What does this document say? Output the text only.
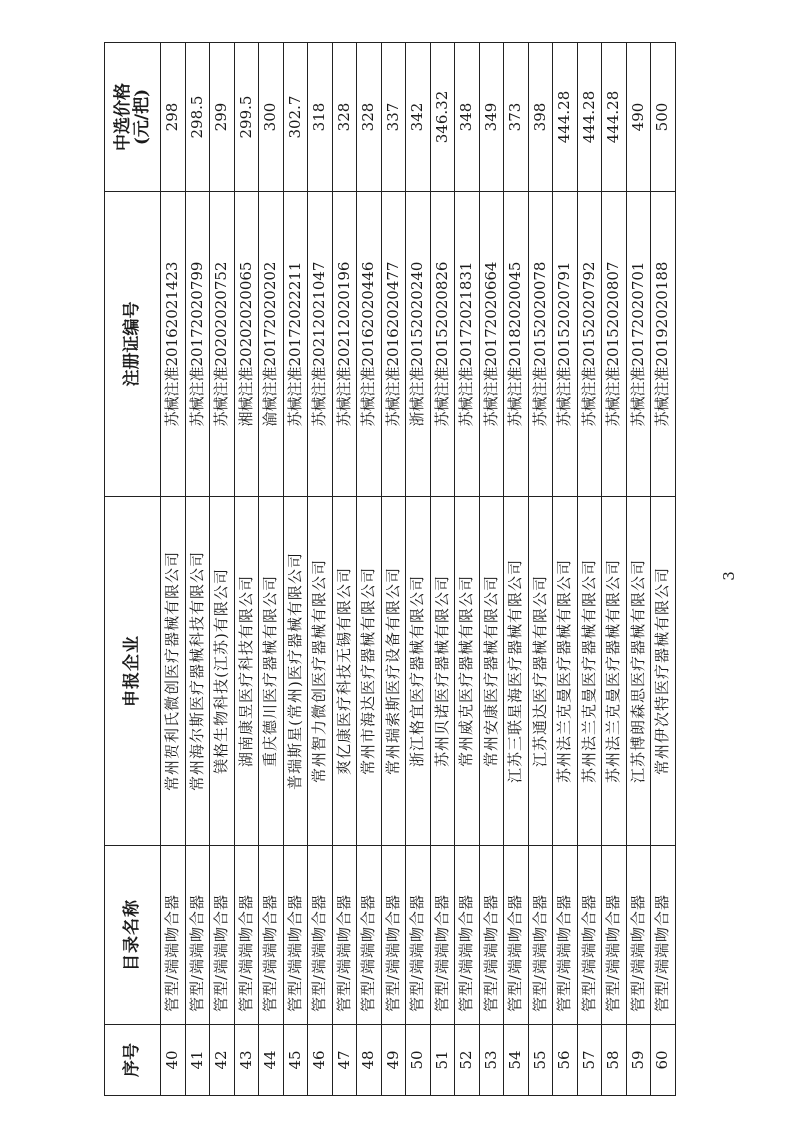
序号	目录名称	申报企业	注册证编号	中选价格
(元/把)
40	管型/端端吻合器	常州贺利氏微创医疗器械有限公司	苏械注准20162021423	298
41	管型/端端吻合器	常州海尔斯医疗器械科技有限公司	苏械注准20172020799	298.5
42	管型/端端吻合器	镁格生物科技(江苏)有限公司	苏械注准20202020752	299
43	管型/端端吻合器	湖南康昱医疗科技有限公司	湘械注准20202020065	299.5
44	管型/端端吻合器	重庆德川医疗器械有限公司	渝械注准20172020202	300
45	管型/端端吻合器	普瑞斯星(常州)医疗器械有限公司	苏械注准20172022211	302.7
46	管型/端端吻合器	常州智力微创医疗器械有限公司	苏械注准20212021047	318
47	管型/端端吻合器	爽亿康医疗科技无锡有限公司	苏械注准20212020196	328
48	管型/端端吻合器	常州市海达医疗器械有限公司	苏械注准20162020446	328
49	管型/端端吻合器	常州瑞索斯医疗设备有限公司	苏械注准20162020477	337
50	管型/端端吻合器	浙江格宜医疗器械有限公司	浙械注准20152020240	342
51	管型/端端吻合器	苏州贝诺医疗器械有限公司	苏械注准20152020826	346.32
52	管型/端端吻合器	常州威克医疗器械有限公司	苏械注准20172021831	348
53	管型/端端吻合器	常州安康医疗器械有限公司	苏械注准20172020664	349
54	管型/端端吻合器	江苏三联星海医疗器械有限公司	苏械注准20182020045	373
55	管型/端端吻合器	江苏通达医疗器械有限公司	苏械注准20152020078	398
56	管型/端端吻合器	苏州法兰克曼医疗器械有限公司	苏械注准20152020791	444.28
57	管型/端端吻合器	苏州法兰克曼医疗器械有限公司	苏械注准20152020792	444.28
58	管型/端端吻合器	苏州法兰克曼医疗器械有限公司	苏械注准20152020807	444.28
59	管型/端端吻合器	江苏博朗森思医疗器械有限公司	苏械注准20172020701	490
60	管型/端端吻合器	常州伊次特医疗器械有限公司	苏械注准20192020188	500
3
